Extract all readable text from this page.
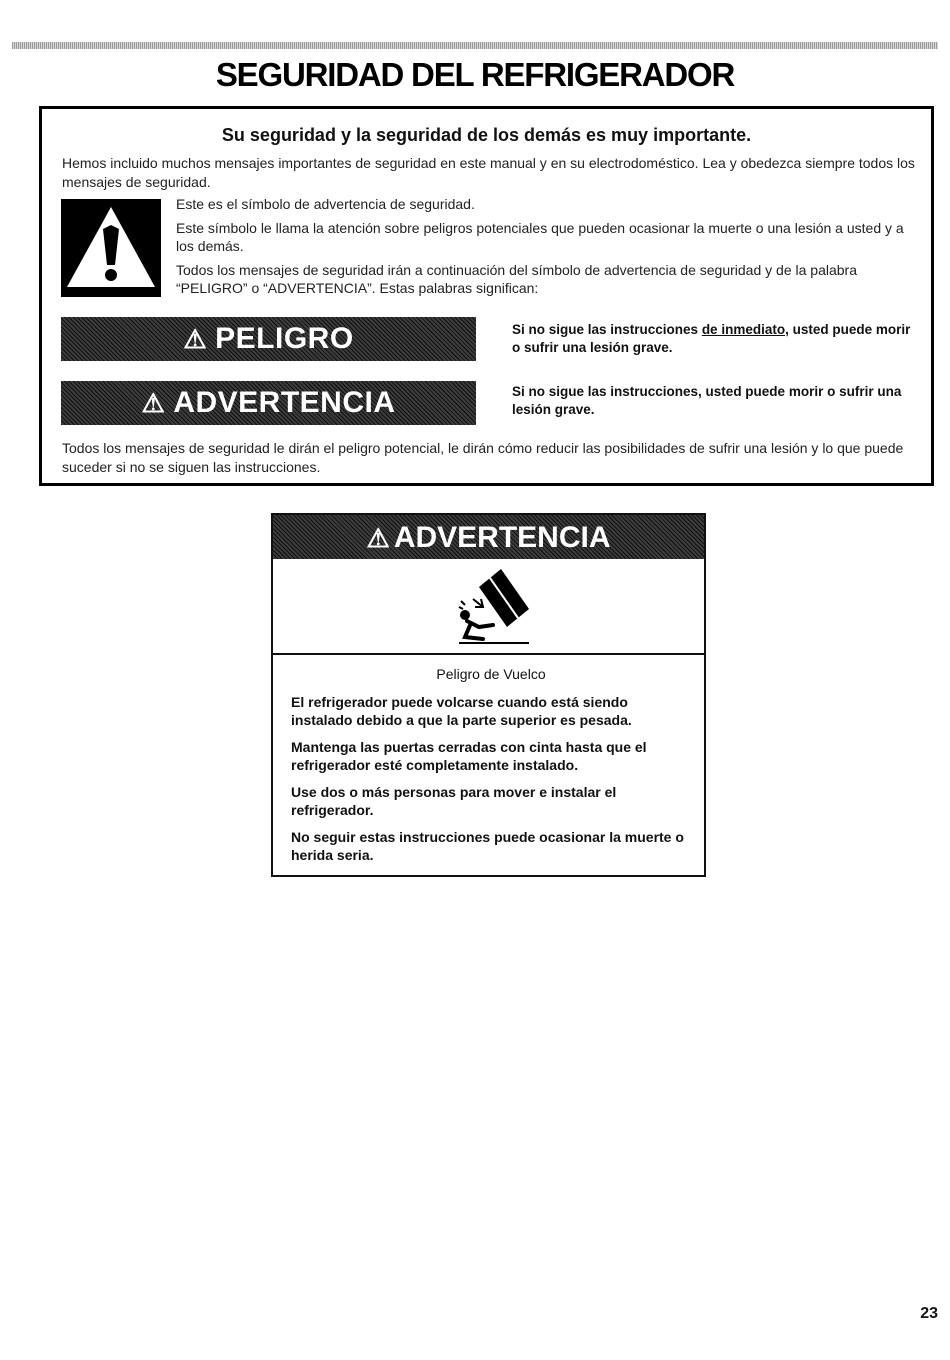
SEGURIDAD DEL REFRIGERADOR
Su seguridad y la seguridad de los demás es muy importante.

Hemos incluido muchos mensajes importantes de seguridad en este manual y en su electrodoméstico. Lea y obedezca siempre todos los mensajes de seguridad.

Este es el símbolo de advertencia de seguridad.

Este símbolo le llama la atención sobre peligros potenciales que pueden ocasionar la muerte o una lesión a usted y a los demás.

Todos los mensajes de seguridad irán a continuación del símbolo de advertencia de seguridad y de la palabra “PELIGRO” o “ADVERTENCIA”. Estas palabras significan:

⚠ PELIGRO	Si no sigue las instrucciones de inmediato, usted puede morir o sufrir una lesión grave.
⚠ ADVERTENCIA	Si no sigue las instrucciones, usted puede morir o sufrir una lesión grave.

Todos los mensajes de seguridad le dirán el peligro potencial, le dirán cómo reducir las posibilidades de sufrir una lesión y lo que puede suceder si no se siguen las instrucciones.

⚠ ADVERTENCIA

Peligro de Vuelco

El refrigerador puede volcarse cuando está siendo instalado debido a que la parte superior es pesada.

Mantenga las puertas cerradas con cinta hasta que el refrigerador esté completamente instalado.

Use dos o más personas para mover e instalar el refrigerador.

No seguir estas instrucciones puede ocasionar la muerte o herida seria.

23
